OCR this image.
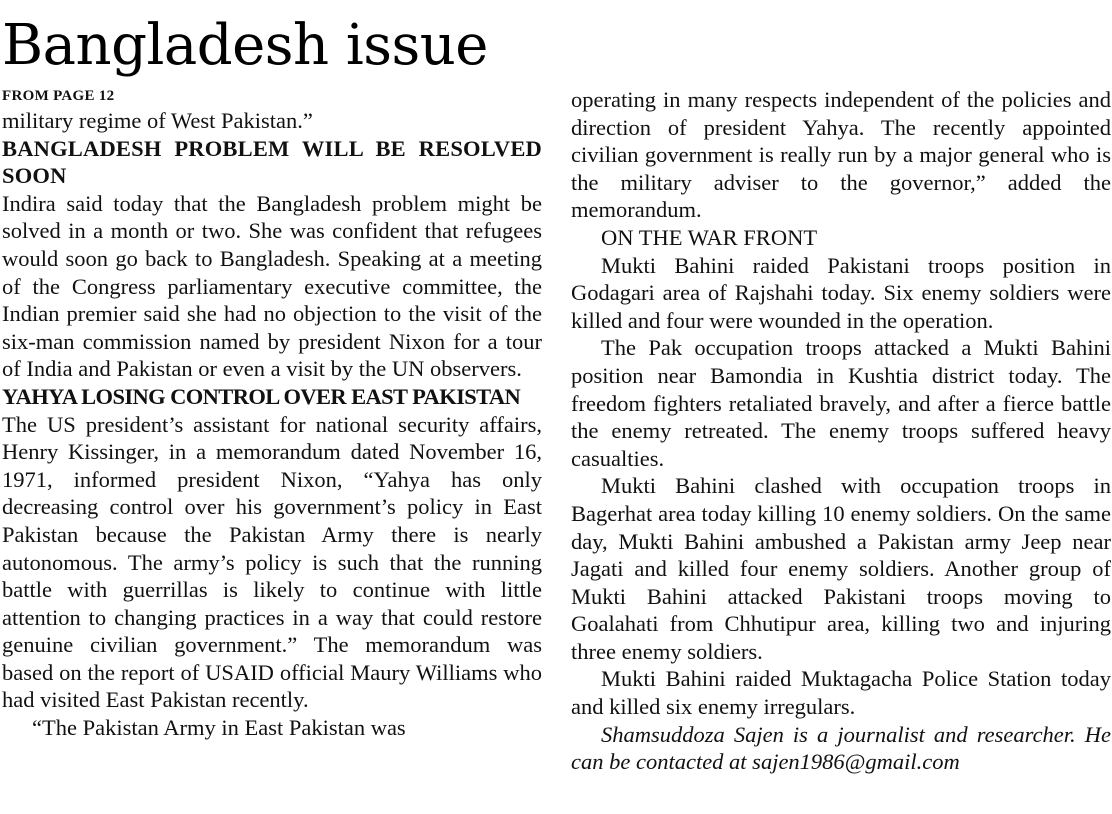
Bangladesh issue
FROM PAGE 12

military regime of West Pakistan.”

BANGLADESH PROBLEM WILL BE RESOLVED SOON

Indira said today that the Bangladesh problem might be solved in a month or two. She was confident that refugees would soon go back to Bangladesh. Speaking at a meeting of the Congress parliamentary executive committee, the Indian premier said she had no objection to the visit of the six-man commission named by president Nixon for a tour of India and Pakistan or even a visit by the UN observers.

YAHYA LOSING CONTROL OVER EAST PAKISTAN

The US president’s assistant for national security affairs, Henry Kissinger, in a memorandum dated November 16, 1971, informed president Nixon, “Yahya has only decreasing control over his government’s policy in East Pakistan because the Pakistan Army there is nearly autonomous. The army’s policy is such that the running battle with guerrillas is likely to continue with little attention to changing practices in a way that could restore genuine civilian government.” The memorandum was based on the report of USAID official Maury Williams who had visited East Pakistan recently.

“The Pakistan Army in East Pakistan was

operating in many respects independent of the policies and direction of president Yahya. The recently appointed civilian government is really run by a major general who is the military adviser to the governor,” added the memorandum.

ON THE WAR FRONT

Mukti Bahini raided Pakistani troops position in Godagari area of Rajshahi today. Six enemy soldiers were killed and four were wounded in the operation.

The Pak occupation troops attacked a Mukti Bahini position near Bamondia in Kushtia district today. The freedom fighters retaliated bravely, and after a fierce battle the enemy retreated. The enemy troops suffered heavy casualties.

Mukti Bahini clashed with occupation troops in Bagerhat area today killing 10 enemy soldiers. On the same day, Mukti Bahini ambushed a Pakistan army Jeep near Jagati and killed four enemy soldiers. Another group of Mukti Bahini attacked Pakistani troops moving to Goalahati from Chhutipur area, killing two and injuring three enemy soldiers.

Mukti Bahini raided Muktagacha Police Station today and killed six enemy irregulars.

Shamsuddoza Sajen is a journalist and researcher. He can be contacted at sajen1986@gmail.com
